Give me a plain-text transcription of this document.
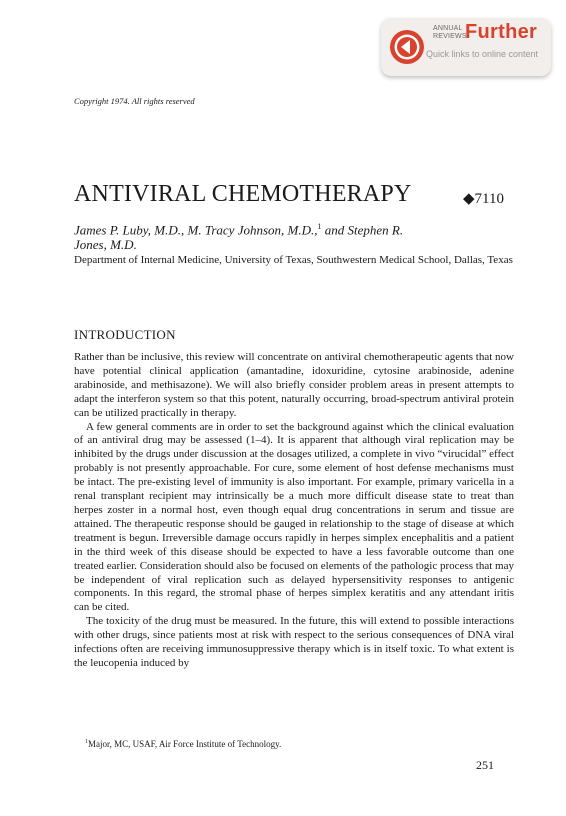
ANNUAL
REVIEWS
Further
Quick links to online content
Copyright 1974. All rights reserved
ANTIVIRAL CHEMOTHERAPY	◆7110
James P. Luby, M.D., M. Tracy Johnson, M.D.,$^1$ and Stephen R.
Jones, M.D.
Department of Internal Medicine, University of Texas, Southwestern Medical School, Dallas, Texas
INTRODUCTION

Rather than be inclusive, this review will concentrate on antiviral chemotherapeutic agents that now have potential clinical application (amantadine, idoxuridine, cytosine arabinoside, adenine arabinoside, and methisazone). We will also briefly consider problem areas in present attempts to adapt the interferon system so that this potent, naturally occurring, broad-spectrum antiviral protein can be utilized practically in therapy.

A few general comments are in order to set the background against which the clinical evaluation of an antiviral drug may be assessed (1–4). It is apparent that although viral replication may be inhibited by the drugs under discussion at the dosages utilized, a complete in vivo “virucidal” effect probably is not presently approachable. For cure, some element of host defense mechanisms must be intact. The pre-existing level of immunity is also important. For example, primary varicella in a renal transplant recipient may intrinsically be a much more difficult disease state to treat than herpes zoster in a normal host, even though equal drug concentrations in serum and tissue are attained. The therapeutic response should be gauged in relationship to the stage of disease at which treatment is begun. Irreversible damage occurs rapidly in herpes simplex encephalitis and a patient in the third week of this disease should be expected to have a less favorable outcome than one treated earlier. Consideration should also be focused on elements of the pathologic process that may be independent of viral replication such as delayed hypersensitivity responses to antigenic components. In this regard, the stromal phase of herpes simplex keratitis and any attendant iritis can be cited.

The toxicity of the drug must be measured. In the future, this will extend to possible interactions with other drugs, since patients most at risk with respect to the serious consequences of DNA viral infections often are receiving immunosuppressive therapy which is in itself toxic. To what extent is the leucopenia induced by

$^1$Major, MC, USAF, Air Force Institute of Technology.
251
